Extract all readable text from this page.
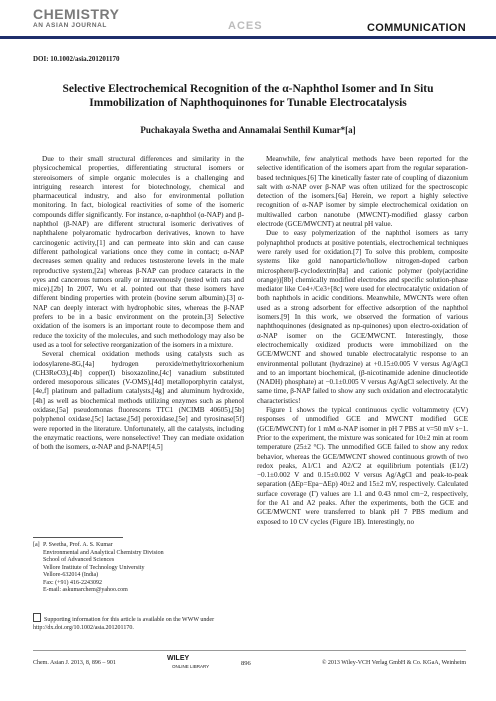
CHEMISTRY
AN ASIAN JOURNAL	ACES	COMMUNICATION
DOI: 10.1002/asia.201201170
Selective Electrochemical Recognition of the α-Naphthol Isomer and In Situ Immobilization of Naphthoquinones for Tunable Electrocatalysis
Puchakayala Swetha and Annamalai Senthil Kumar*[a]

Due to their small structural differences and similarity in the physicochemical properties, differentiating structural isomers or stereoisomers of simple organic molecules is a challenging and intriguing research interest for biotechnology, chemical and pharmaceutical industry, and also for environmental pollution monitoring. In fact, biological reactivities of some of the isomeric compounds differ significantly. For instance, α-naphthol (α-NAP) and β-naphthol (β-NAP) are different structural isomeric derivatives of naphthalene polyaromatic hydrocarbon derivatives, known to have carcinogenic activity,[1] and can permeate into skin and can cause different pathological variations once they come in contact; α-NAP decreases semen quality and reduces testosterone levels in the male reproductive system,[2a] whereas β-NAP can produce cataracts in the eyes and cancerous tumors orally or intravenously (tested with rats and mice).[2b] In 2007, Wu et al. pointed out that these isomers have different binding properties with protein (bovine serum albumin).[3] α-NAP can deeply interact with hydrophobic sites, whereas the β-NAP prefers to be in a basic environment on the protein.[3] Selective oxidation of the isomers is an important route to decompose them and reduce the toxicity of the molecules, and such methodology may also be used as a tool for selective reorganization of the isomers in a mixture.

Several chemical oxidation methods using catalysts such as iodosylarene-8G,[4a] hydrogen peroxide/methyltrioxorhenium (CH3ReO3),[4b] copper(I) bisoxazoline,[4c] vanadium substituted ordered mesoporous silicates (V-OMS),[4d] metalloporphyrin catalyst,[4e,f] platinum and palladium catalysts,[4g] and aluminum hydroxide,[4h] as well as biochemical methods utilizing enzymes such as phenol oxidase,[5a] pseudomonas fluorescens TTC1 (NCIMB 40605),[5b] polyphenol oxidase,[5c] lactase,[5d] peroxidase,[5e] and tyrosinase[5f] were reported in the literature. Unfortunately, all the catalysts, including the enzymatic reactions, were nonselective! They can mediate oxidation of both the isomers, α-NAP and β-NAP![4,5]

Meanwhile, few analytical methods have been reported for the selective identification of the isomers apart from the regular separation-based techniques.[6] The kinetically faster rate of coupling of diazonium salt with α-NAP over β-NAP was often utilized for the spectroscopic detection of the isomers.[6a] Herein, we report a highly selective recognition of α-NAP isomer by simple electrochemical oxidation on multiwalled carbon nanotube (MWCNT)-modified glassy carbon electrode (GCE/MWCNT) at neutral pH value.

Due to easy polymerization of the naphthol isomers as tarry polynaphthol products at positive potentials, electrochemical techniques were rarely used for oxidation.[7] To solve this problem, composite systems like gold nanoparticle/hollow nitrogen-doped carbon microsphere/β-cyclodextrin[8a] and cationic polymer (poly(acridine orange))[8b] chemically modified electrodes and specific solution-phase mediator like Ce4+/Ce3+[8c] were used for electrocatalytic oxidation of both naphthols in acidic conditions. Meanwhile, MWCNTs were often used as a strong adsorbent for effective adsorption of the naphthol isomers.[9] In this work, we observed the formation of various naphthoquinones (designated as np-quinones) upon electro-oxidation of α-NAP isomer on the GCE/MWCNT. Interestingly, those electrochemically oxidized products were immobilized on the GCE/MWCNT and showed tunable electrocatalytic response to an environmental pollutant (hydrazine) at +0.15±0.005 V versus Ag/AgCl and to an important biochemical, (β-nicotinamide adenine dinucleotide (NADH) phosphate) at −0.1±0.005 V versus Ag/AgCl selectively. At the same time, β-NAP failed to show any such oxidation and electrocatalytic characteristics!

Figure 1 shows the typical continuous cyclic voltammetry (CV) responses of unmodified GCE and MWCNT modified GCE (GCE/MWCNT) for 1 mM α-NAP isomer in pH 7 PBS at v=50 mV s−1. Prior to the experiment, the mixture was sonicated for 10±2 min at room temperature (25±2 °C). The unmodified GCE failed to show any redox behavior, whereas the GCE/MWCNT showed continuous growth of two redox peaks, A1/C1 and A2/C2 at equilibrium potentials (E1/2) −0.1±0.002 V and 0.15±0.002 V versus Ag/AgCl and peak-to-peak separation (ΔEp=Epa−ΔEp) 40±2 and 15±2 mV, respectively. Calculated surface coverage (Γ) values are 1.1 and 0.43 nmol cm−2, respectively, for the A1 and A2 peaks. After the experiments, both the GCE and GCE/MWCNT were transferred to blank pH 7 PBS medium and exposed to 10 CV cycles (Figure 1B). Interestingly, no

[a] P. Swetha, Prof. A. S. Kumar
Environmental and Analytical Chemistry Division
School of Advanced Sciences
Vellore Institute of Technology University
Vellore-632014 (India)
Fax: (+91) 416-2243092
E-mail: askumarchem@yahoo.com
Supporting information for this article is available on the WWW under http://dx.doi.org/10.1002/asia.201201170.
Chem. Asian J. 2013, 8, 896 – 901
WILEY
ONLINE LIBRARY	896	© 2013 Wiley-VCH Verlag GmbH & Co. KGaA, Weinheim
